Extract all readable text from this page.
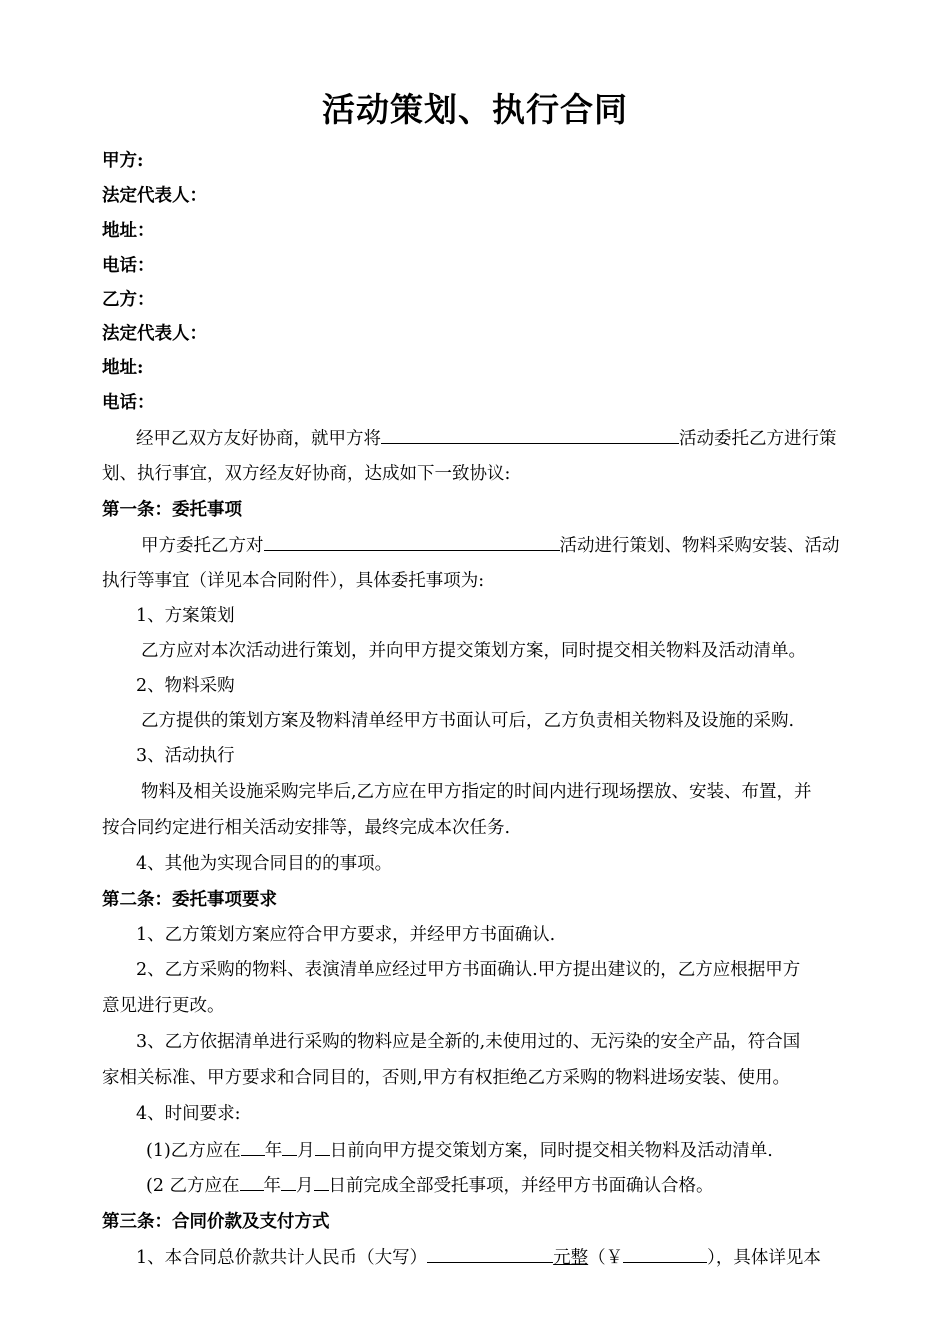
活动策划、执行合同
甲方:
法定代表人：
地址：
电话：
乙方：
法定代表人：
地址:
电话：
经甲乙双方友好协商，就甲方将	活动委托乙方进行策
划、执行事宜，双方经友好协商，达成如下一致协议:
第一条：委托事项
甲方委托乙方对	活动进行策划、物料采购安装、活动
执行等事宜（详见本合同附件），具体委托事项为:
1、方案策划
乙方应对本次活动进行策划，并向甲方提交策划方案，同时提交相关物料及活动清单。
2、物料采购
乙方提供的策划方案及物料清单经甲方书面认可后，乙方负责相关物料及设施的采购.
3、活动执行
物料及相关设施采购完毕后,乙方应在甲方指定的时间内进行现场摆放、安装、布置，并
按合同约定进行相关活动安排等，最终完成本次任务.
4、其他为实现合同目的的事项。
第二条：委托事项要求
1、乙方策划方案应符合甲方要求，并经甲方书面确认.
2、乙方采购的物料、表演清单应经过甲方书面确认.甲方提出建议的，乙方应根据甲方
意见进行更改。
3、乙方依据清单进行采购的物料应是全新的,未使用过的、无污染的安全产品，符合国
家相关标准、甲方要求和合同目的，否则,甲方有权拒绝乙方采购的物料进场安装、使用。
4、时间要求:
(1)乙方应在 年 月 日前向甲方提交策划方案，同时提交相关物料及活动清单.
(2 乙方应在 年 月 日前完成全部受托事项，并经甲方书面确认合格。
第三条：合同价款及支付方式
1、本合同总价款共计人民币（大写）	元整（￥	），具体详见本
